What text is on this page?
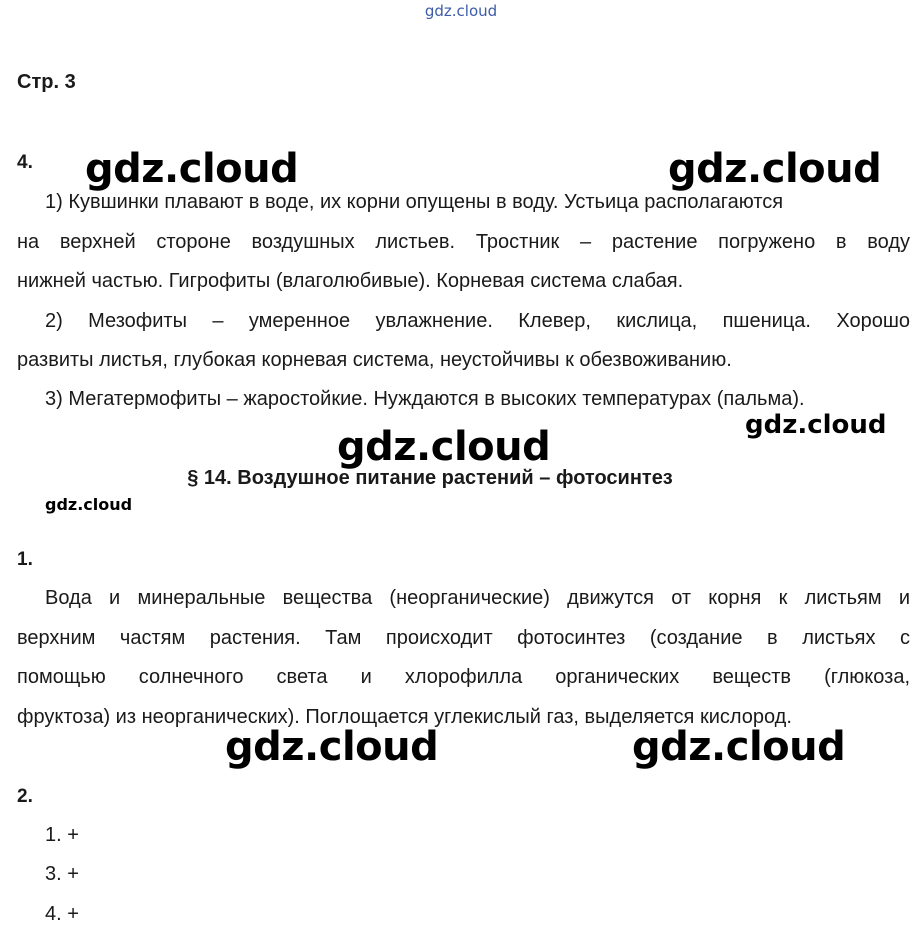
gdz.cloud
Стр. 3
4.
1) Кувшинки плавают в воде, их корни опущены в воду. Устьица располагаются
на верхней стороне воздушных листьев. Тростник – растение погружено в воду
нижней частью. Гигрофиты (влаголюбивые). Корневая система слабая.
2) Мезофиты – умеренное увлажнение. Клевер, кислица, пшеница. Хорошо
развиты листья, глубокая корневая система, неустойчивы к обезвоживанию.
3) Мегатермофиты – жаростойкие. Нуждаются в высоких температурах (пальма).
§ 14. Воздушное питание растений – фотосинтез
1.
Вода и минеральные вещества (неорганические) движутся от корня к листьям и
верхним частям растения. Там происходит фотосинтез (создание в листьях с
помощью солнечного света и хлорофилла органических веществ (глюкоза,
фруктоза) из неорганических). Поглощается углекислый газ, выделяется кислород.
2.
1. +
3. +
4. +
gdz.cloud	gdz.cloud
gdz.cloud	gdz.cloud
gdz.cloud
gdz.cloud	gdz.cloud
